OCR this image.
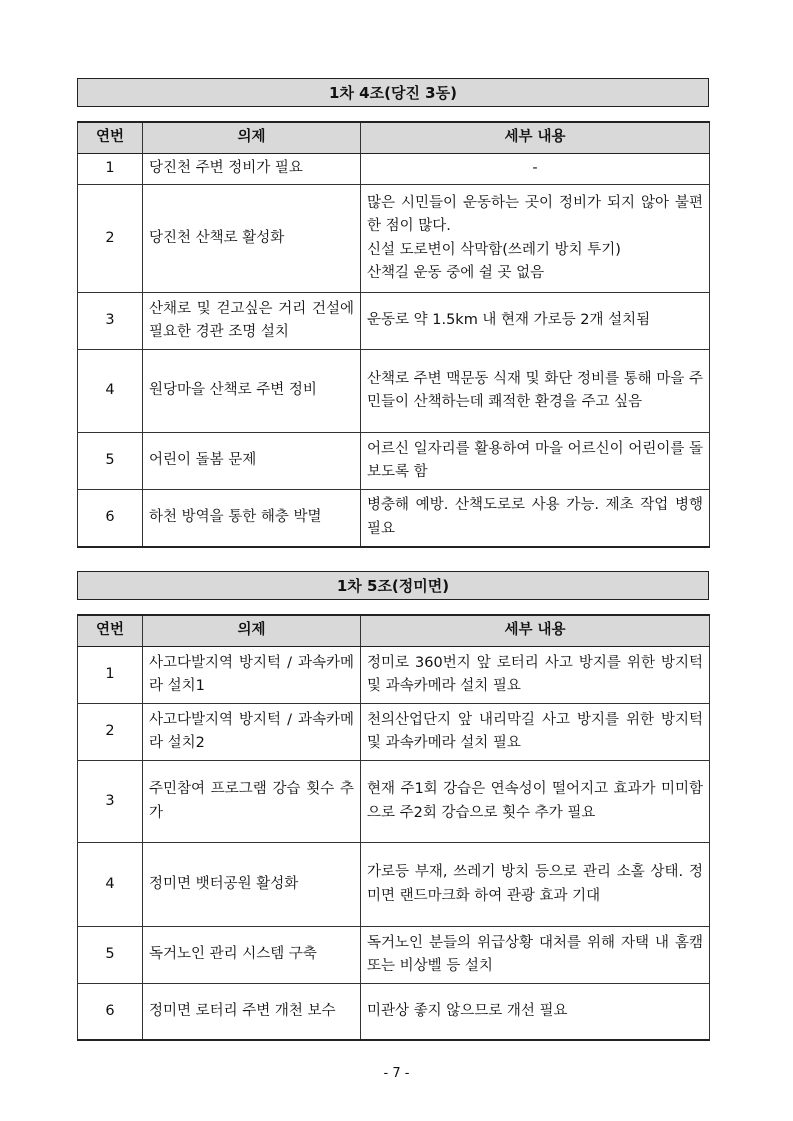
1차 4조(당진 3동)
연번	의제	세부 내용
1	당진천 주변 정비가 필요	-
2	당진천 산책로 활성화	많은 시민들이 운동하는 곳이 정비가 되지 않아 불편한 점이 많다.
신설 도로변이 삭막함(쓰레기 방치 투기)
산책길 운동 중에 쉴 곳 없음
3	산채로 및 걷고싶은 거리 건설에 필요한 경관 조명 설치	운동로 약 1.5km 내 현재 가로등 2개 설치됨
4	원당마을 산책로 주변 정비	산책로 주변 맥문동 식재 및 화단 정비를 통해 마을 주민들이 산책하는데 쾌적한 환경을 주고 싶음
5	어린이 돌봄 문제	어르신 일자리를 활용하여 마을 어르신이 어린이를 돌보도록 함
6	하천 방역을 통한 해충 박멸	병충해 예방. 산책도로로 사용 가능. 제초 작업 병행 필요
1차 5조(정미면)
연번	의제	세부 내용
1	사고다발지역 방지턱 / 과속카메라 설치1	정미로 360번지 앞 로터리 사고 방지를 위한 방지턱 및 과속카메라 설치 필요
2	사고다발지역 방지턱 / 과속카메라 설치2	천의산업단지 앞 내리막길 사고 방지를 위한 방지턱 및 과속카메라 설치 필요
3	주민참여 프로그램 강습 횟수 추가	현재 주1회 강습은 연속성이 떨어지고 효과가 미미함으로 주2회 강습으로 횟수 추가 필요
4	정미면 뱃터공원 활성화	가로등 부재, 쓰레기 방치 등으로 관리 소홀 상태. 정미면 랜드마크화 하여 관광 효과 기대
5	독거노인 관리 시스템 구축	독거노인 분들의 위급상황 대처를 위해 자택 내 홈캠 또는 비상벨 등 설치
6	정미면 로터리 주변 개천 보수	미관상 좋지 않으므로 개선 필요
- 7 -
